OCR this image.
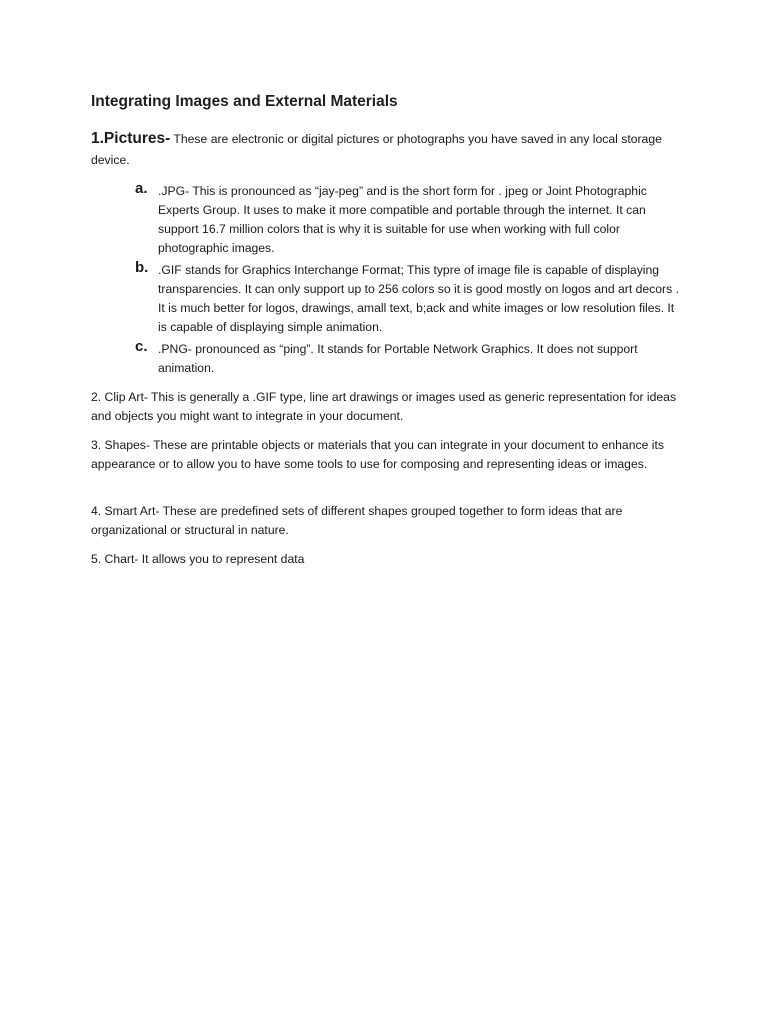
Integrating Images and External Materials
1.Pictures- These are electronic or digital pictures or photographs you have saved in any local storage device.
a. .JPG- This is pronounced as “jay-peg” and is the short form for . jpeg or Joint Photographic Experts Group. It uses to make it more compatible and portable through the internet. It can support 16.7 million colors that is why it is suitable for use when working with full color photographic images.
b. .GIF stands for Graphics Interchange Format; This typre of image file is capable of displaying transparencies. It can only support up to 256 colors so it is good mostly on logos and art decors . It is much better for logos, drawings, amall text, b;ack and white images or low resolution files. It is capable of displaying simple animation.
c. .PNG- pronounced as “ping”. It stands for Portable Network Graphics. It does not support animation.
2. Clip Art- This is generally a .GIF type, line art drawings or images used as generic representation for ideas and objects you might want to integrate in your document.
3. Shapes- These are printable objects or materials that you can integrate in your document to enhance its appearance or to allow you to have some tools to use for composing and representing ideas or images.
4. Smart Art- These are predefined sets of different shapes grouped together to form ideas that are organizational or structural in nature.
5. Chart- It allows you to represent data
